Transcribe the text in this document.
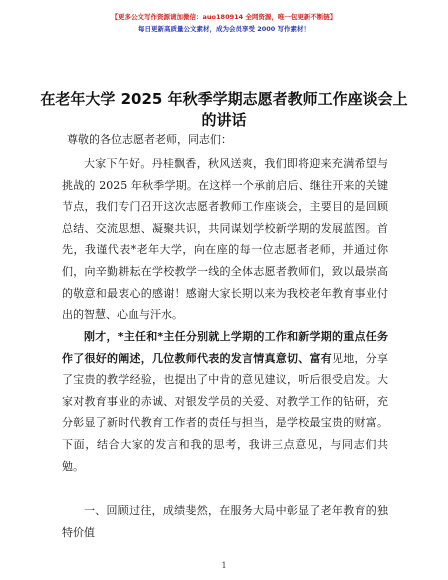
【更多公文写作资源请加微信：auo180914 全网资源，唯一包更新不断链】
每日更新高质量公文素材，成为会员享受 2000 写作素材！
在老年大学 2025 年秋季学期志愿者教师工作座谈会上的讲话
尊敬的各位志愿者老师，同志们：
大家下午好。丹桂飘香，秋风送爽，我们即将迎来充满希望与挑战的 2025 年秋季学期。在这样一个承前启后、继往开来的关键节点，我们专门召开这次志愿者教师工作座谈会，主要目的是回顾总结、交流思想、凝聚共识，共同谋划学校新学期的发展蓝图。首先，我谨代表*老年大学，向在座的每一位志愿者老师，并通过你们，向辛勤耕耘在学校教学一线的全体志愿者教师们，致以最崇高的敬意和最衷心的感谢！感谢大家长期以来为我校老年教育事业付出的智慧、心血与汗水。
刚才，*主任和*主任分别就上学期的工作和新学期的重点任务作了很好的阐述，几位教师代表的发言情真意切、富有见地，分享了宝贵的教学经验，也提出了中肯的意见建议，听后很受启发。大家对教育事业的赤诚、对银发学员的关爱、对教学工作的钻研，充分彰显了新时代教育工作者的责任与担当，是学校最宝贵的财富。下面，结合大家的发言和我的思考，我讲三点意见，与同志们共勉。
一、回顾过往，成绩斐然，在服务大局中彰显了老年教育的独特价值
1
